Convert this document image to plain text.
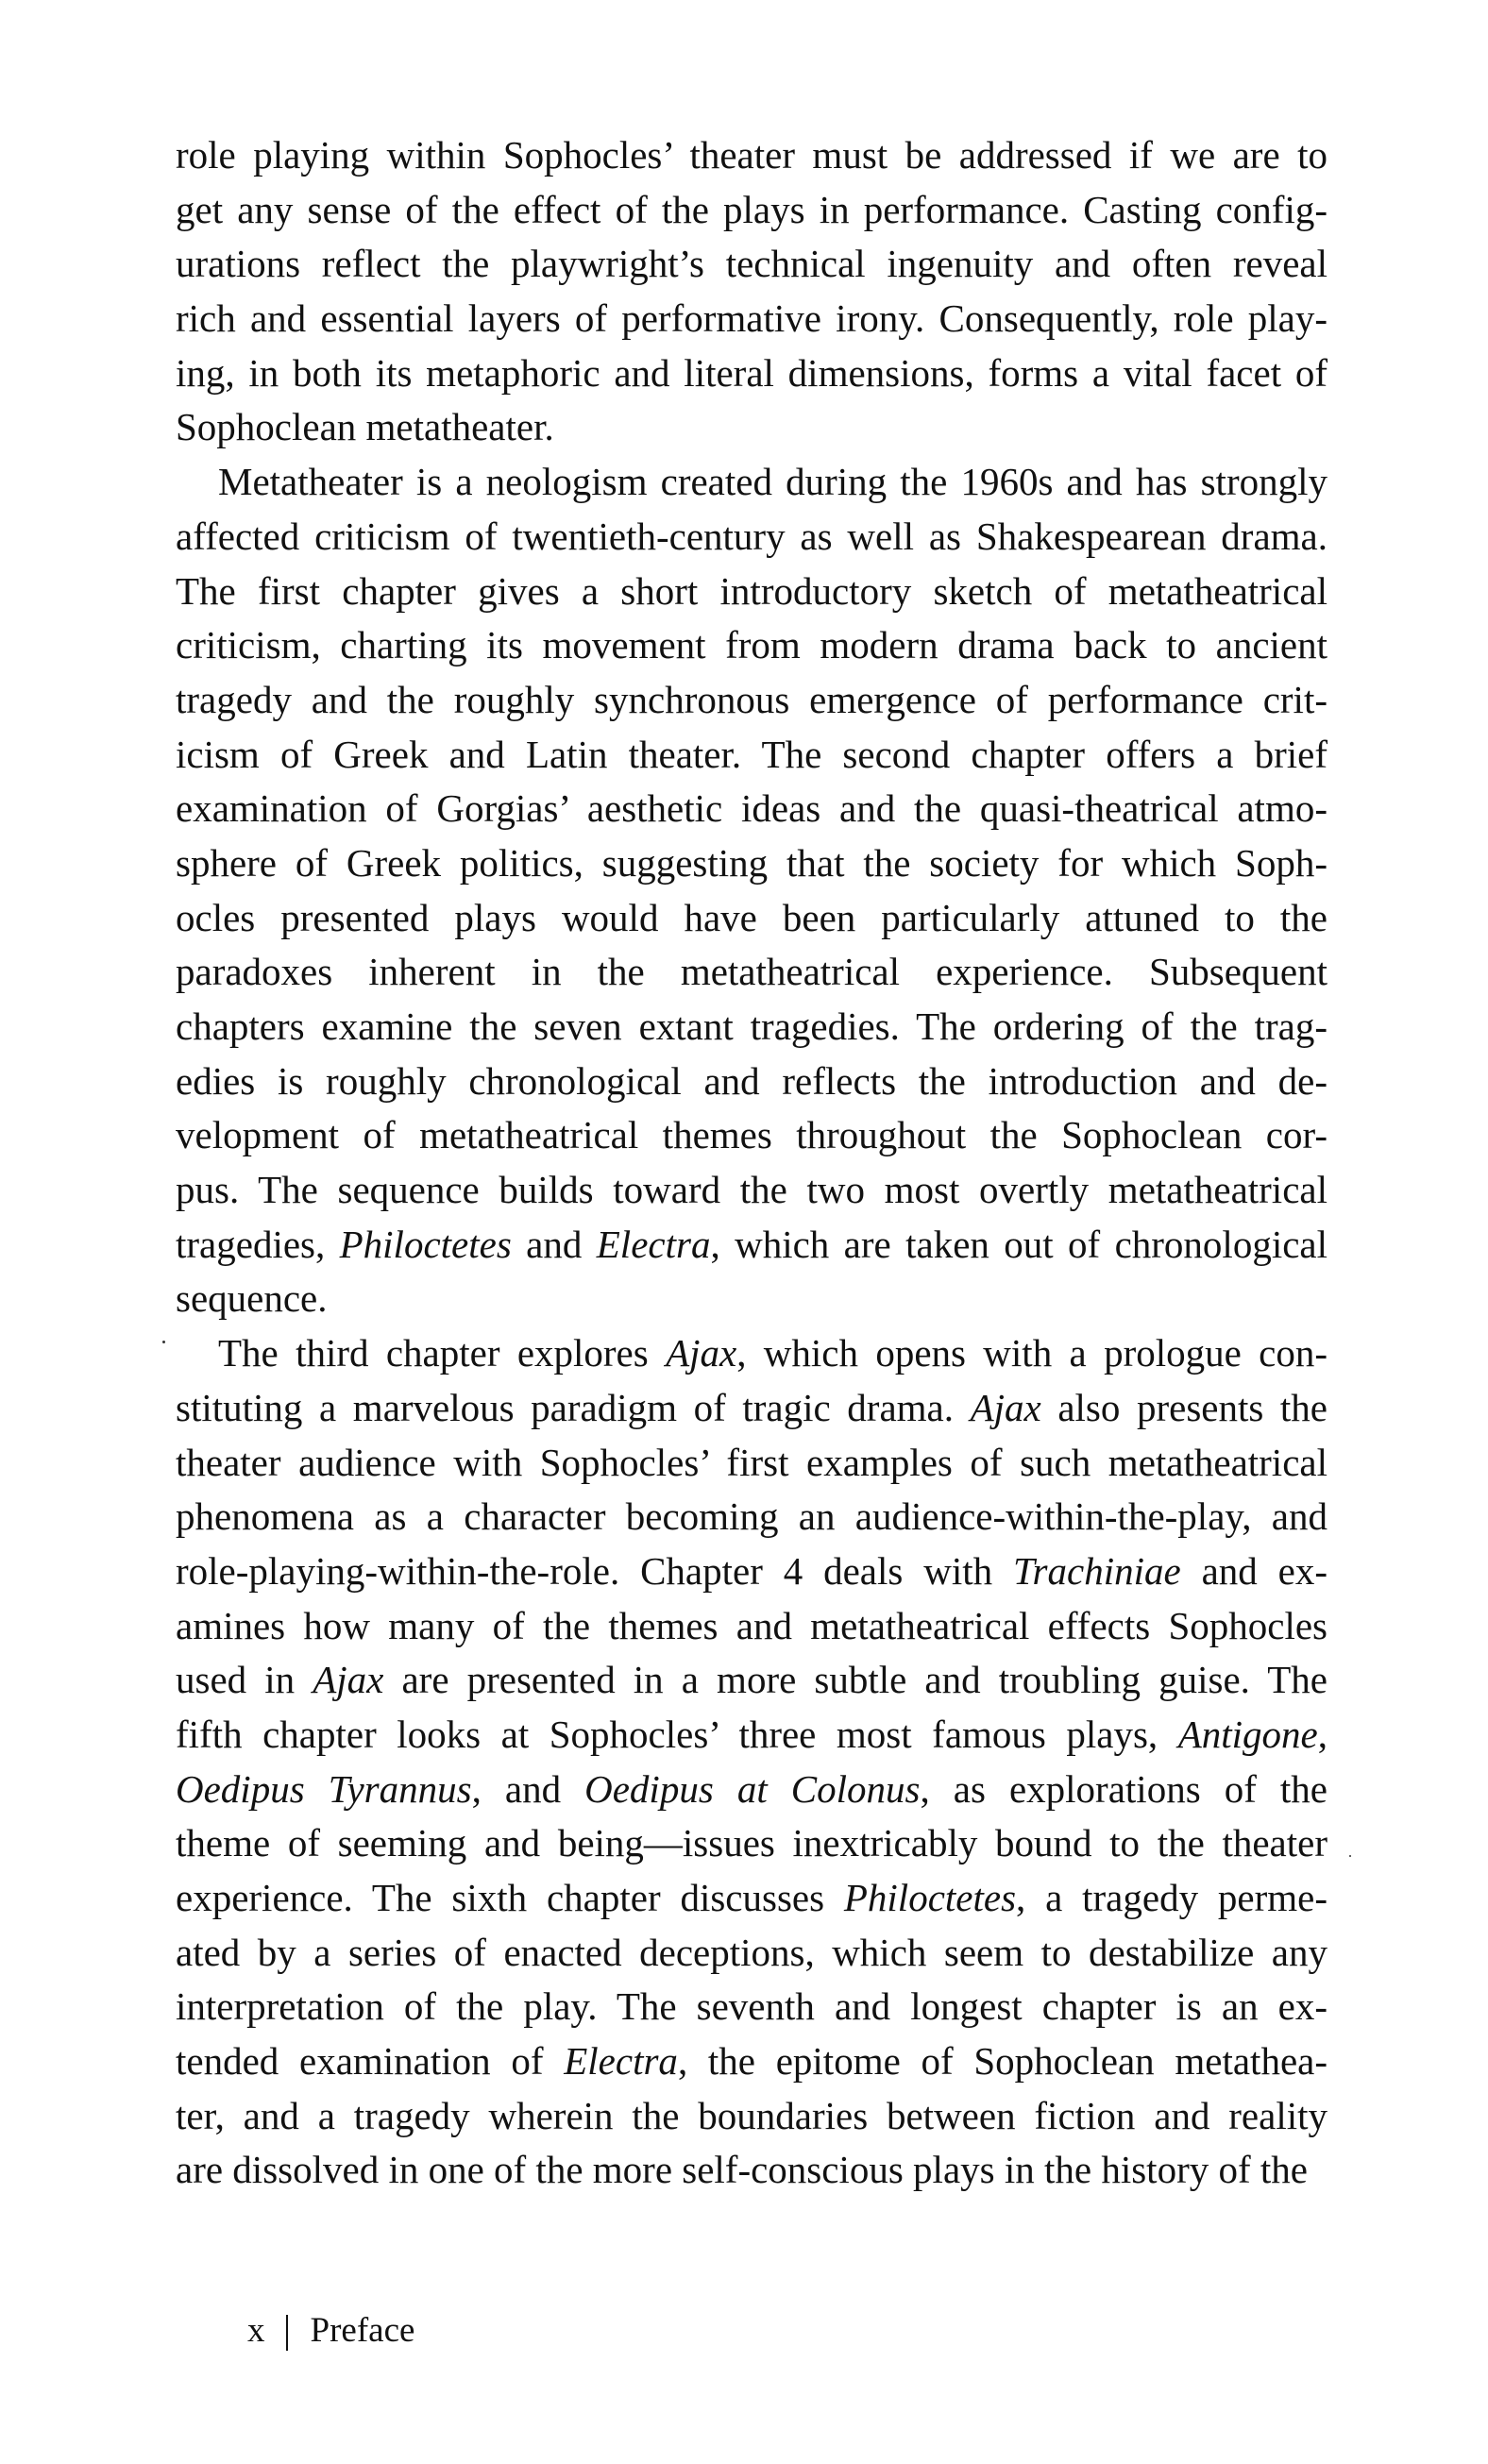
role playing within Sophocles’ theater must be addressed if we are to
get any sense of the effect of the plays in performance. Casting config-
urations reflect the playwright’s technical ingenuity and often reveal
rich and essential layers of performative irony. Consequently, role play-
ing, in both its metaphoric and literal dimensions, forms a vital facet of
Sophoclean metatheater.
Metatheater is a neologism created during the 1960s and has strongly
affected criticism of twentieth-century as well as Shakespearean drama.
The first chapter gives a short introductory sketch of metatheatrical
criticism, charting its movement from modern drama back to ancient
tragedy and the roughly synchronous emergence of performance crit-
icism of Greek and Latin theater. The second chapter offers a brief
examination of Gorgias’ aesthetic ideas and the quasi-theatrical atmo-
sphere of Greek politics, suggesting that the society for which Soph-
ocles presented plays would have been particularly attuned to the
paradoxes inherent in the metatheatrical experience. Subsequent
chapters examine the seven extant tragedies. The ordering of the trag-
edies is roughly chronological and reflects the introduction and de-
velopment of metatheatrical themes throughout the Sophoclean cor-
pus. The sequence builds toward the two most overtly metatheatrical
tragedies, Philoctetes and Electra, which are taken out of chronological
sequence.
The third chapter explores Ajax, which opens with a prologue con-
stituting a marvelous paradigm of tragic drama. Ajax also presents the
theater audience with Sophocles’ first examples of such metatheatrical
phenomena as a character becoming an audience-within-the-play, and
role-playing-within-the-role. Chapter 4 deals with Trachiniae and ex-
amines how many of the themes and metatheatrical effects Sophocles
used in Ajax are presented in a more subtle and troubling guise. The
fifth chapter looks at Sophocles’ three most famous plays, Antigone,
Oedipus Tyrannus, and Oedipus at Colonus, as explorations of the
theme of seeming and being—issues inextricably bound to the theater
experience. The sixth chapter discusses Philoctetes, a tragedy perme-
ated by a series of enacted deceptions, which seem to destabilize any
interpretation of the play. The seventh and longest chapter is an ex-
tended examination of Electra, the epitome of Sophoclean metathea-
ter, and a tragedy wherein the boundaries between fiction and reality
are dissolved in one of the more self-conscious plays in the history of the
x Preface
